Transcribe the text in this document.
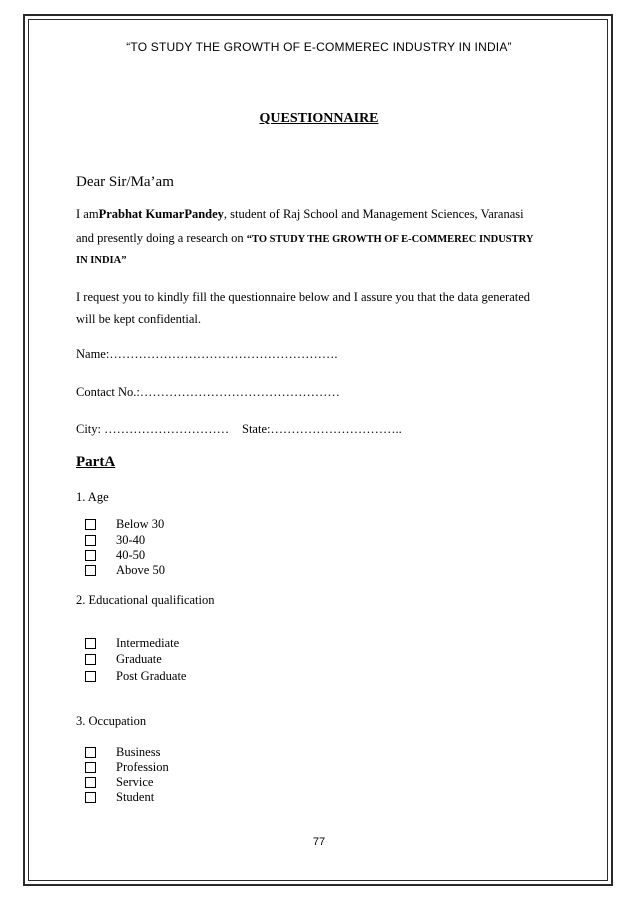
“TO STUDY THE GROWTH OF E-COMMEREC INDUSTRY IN INDIA”
QUESTIONNAIRE
Dear Sir/Ma’am
I amPrabhat KumarPandey, student of Raj School and Management Sciences, Varanasi
and presently doing a research on “TO STUDY THE GROWTH OF E-COMMEREC INDUSTRY
IN INDIA”
I request you to kindly fill the questionnaire below and I assure you that the data generated
will be kept confidential.
Name:……………………………………………….
Contact No.:…………………………………………
City: ………………………… State:…………………………..
PartA
1. Age
Below 30
30-40
40-50
Above 50
2. Educational qualification
Intermediate
Graduate
Post Graduate
3. Occupation
Business
Profession
Service
Student
77
